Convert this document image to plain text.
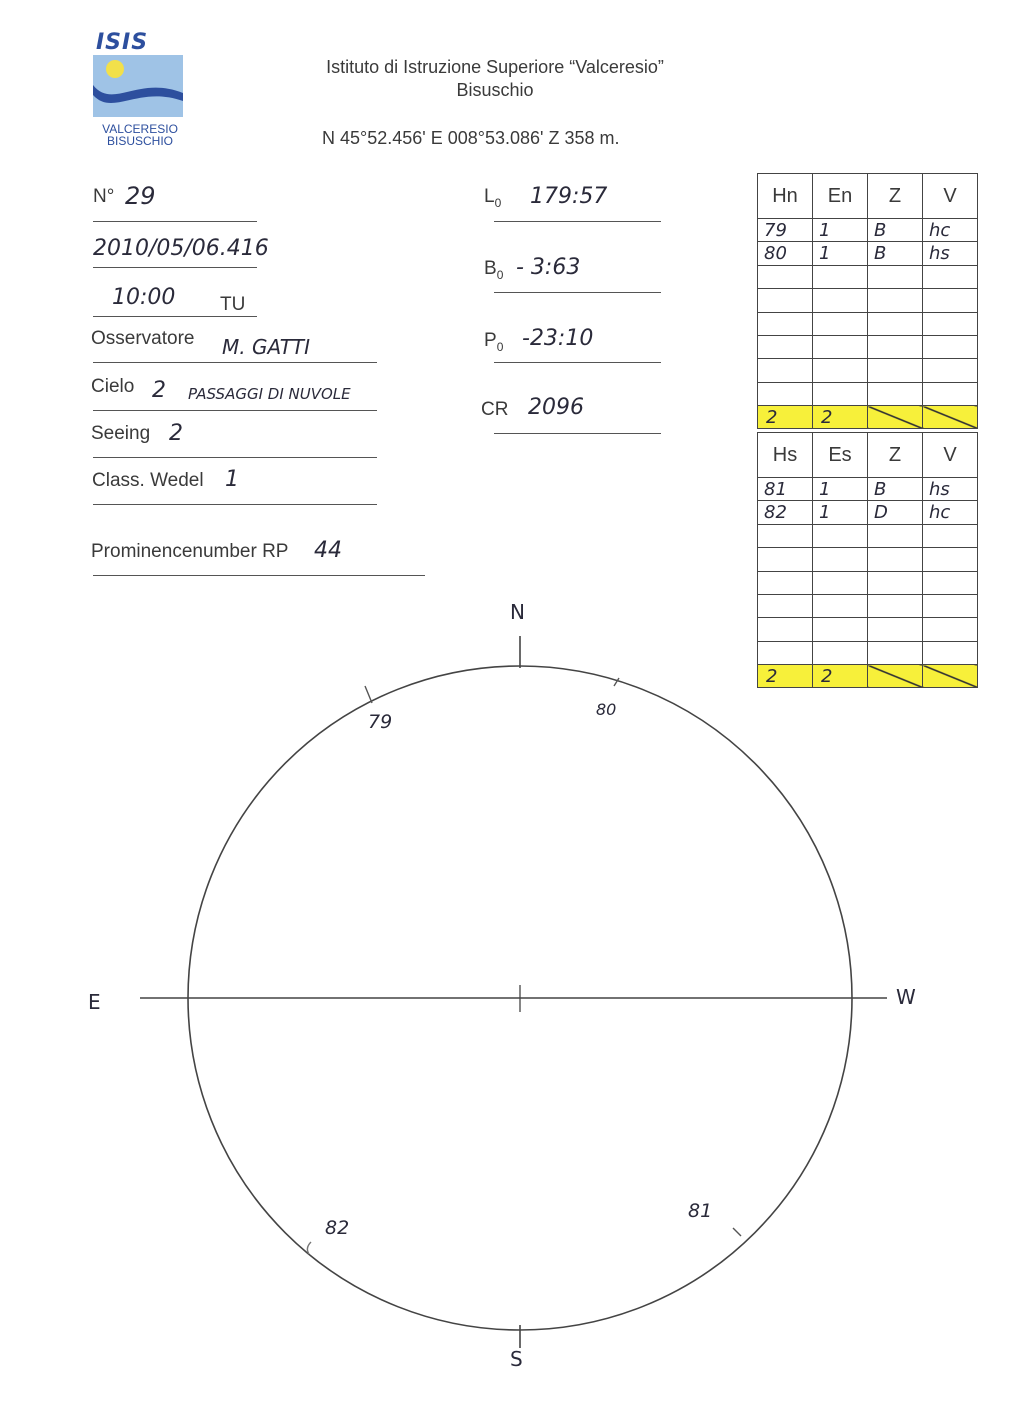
ISIS
VALCERESIO
BISUSCHIO
Istituto di Istruzione Superiore “Valceresio”
Bisuschio
N 45°52.456' E 008°53.086' Z 358 m.
N° 29
2010/05/06.416
10:00 TU
Osservatore M. GATTI
Cielo 2 PASSAGGI DI NUVOLE
Seeing 2
Class. Wedel 1
Prominencenumber RP 44
$L_0$ 179:57
$B_0$ - 3:63
$P_0$ -23:10
CR 2096
Hn	En	Z	V
79	1	B	hc
80	1	B	hs

2	2		
Hs	Es	Z	V
81	1	B	hs
82	1	D	hc

2	2		
N
S
E	W
79
80
81
82
